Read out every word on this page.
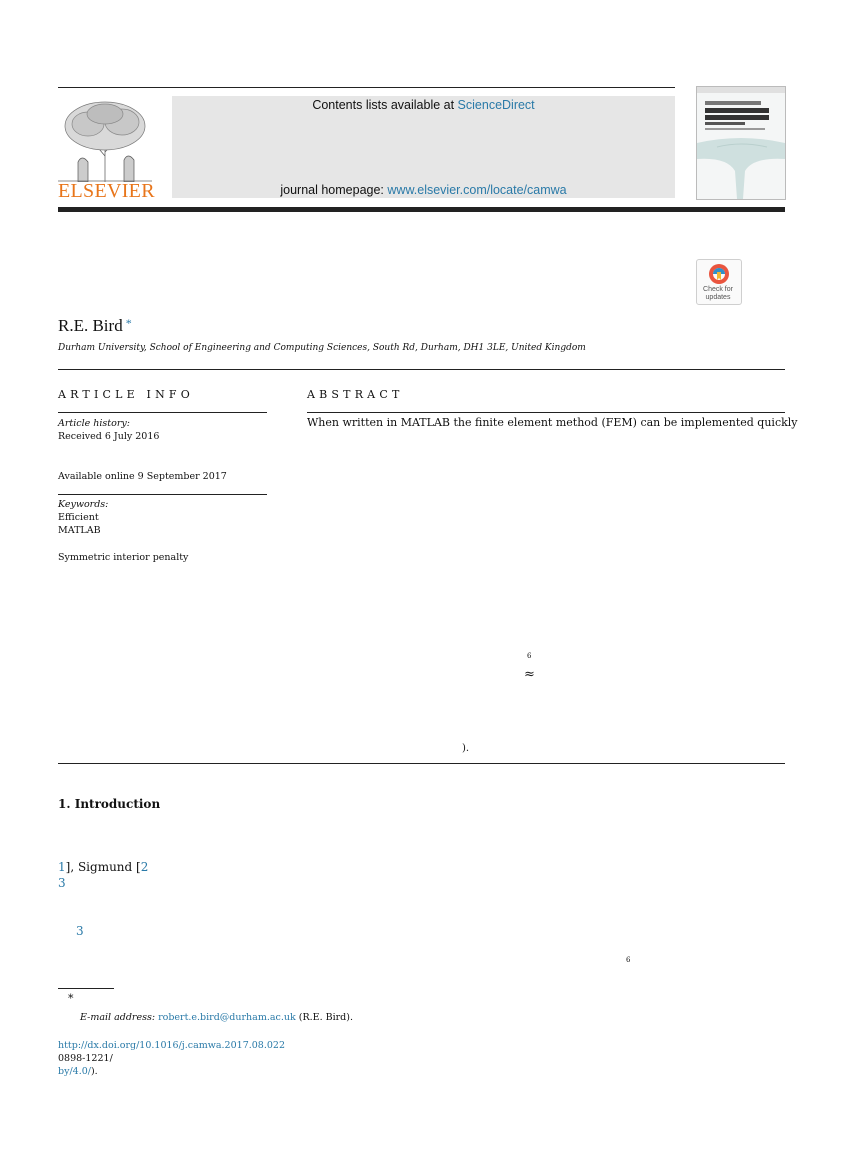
ELSEVIER
Contents lists available at ScienceDirect
journal homepage: www.elsevier.com/locate/camwa
Check for updates
R.E. Bird *
Durham University, School of Engineering and Computing Sciences, South Rd, Durham, DH1 3LE, United Kingdom
ARTICLE INFO
Article history:
Received 6 July 2016
Available online 9 September 2017
Keywords:
Efficient
MATLAB
Symmetric interior penalty
ABSTRACT
When written in MATLAB the finite element method (FEM) can be implemented quickly
6
≈
).
1. Introduction
1], Sigmund [2
3
3
6
*
E-mail address: robert.e.bird@durham.ac.uk (R.E. Bird).
http://dx.doi.org/10.1016/j.camwa.2017.08.022
0898-1221/
by/4.0/).
